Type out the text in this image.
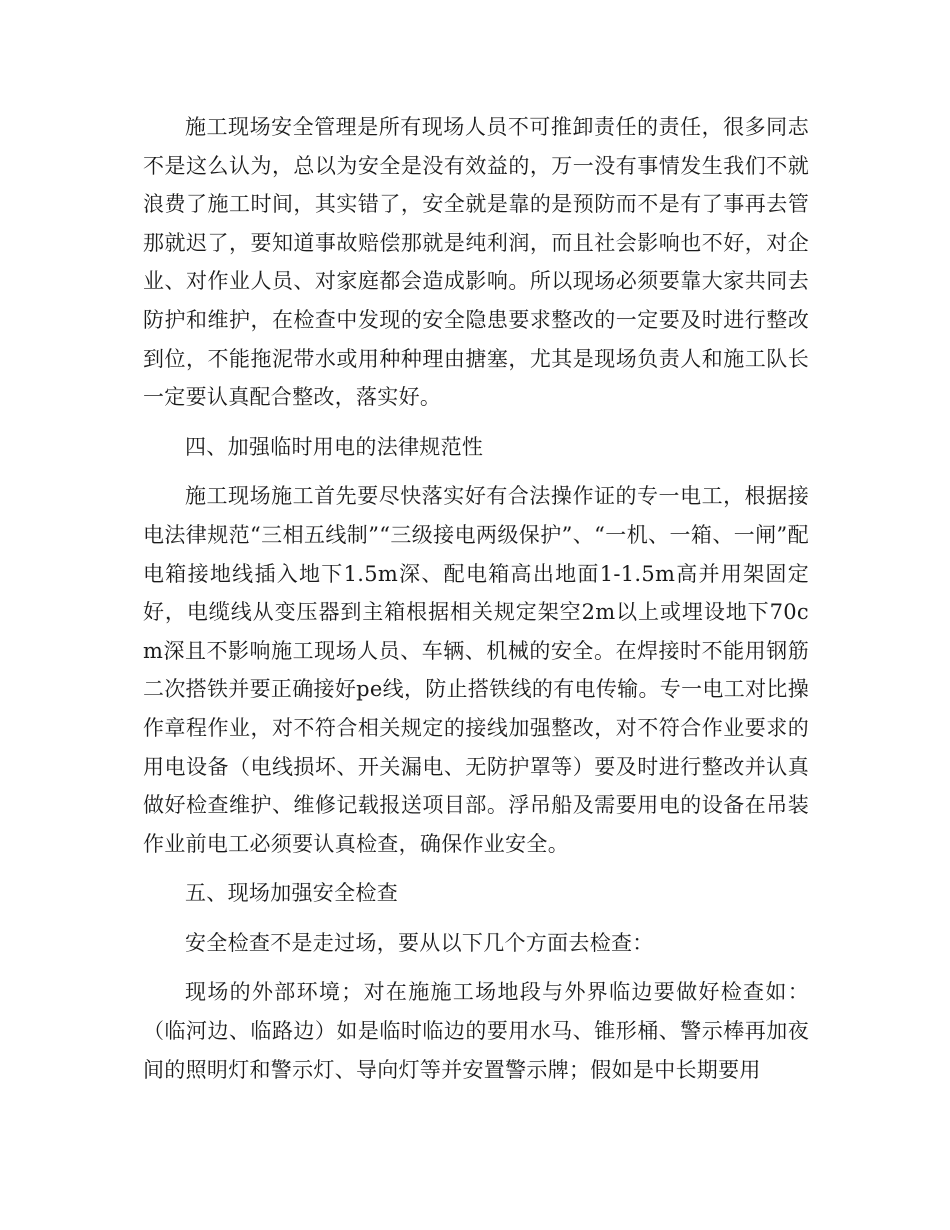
施工现场安全管理是所有现场人员不可推卸责任的责任，很多同志不是这么认为，总以为安全是没有效益的，万一没有事情发生我们不就浪费了施工时间，其实错了，安全就是靠的是预防而不是有了事再去管那就迟了，要知道事故赔偿那就是纯利润，而且社会影响也不好，对企业、对作业人员、对家庭都会造成影响。所以现场必须要靠大家共同去防护和维护，在检查中发现的安全隐患要求整改的一定要及时进行整改到位，不能拖泥带水或用种种理由搪塞，尤其是现场负责人和施工队长一定要认真配合整改，落实好。

四、加强临时用电的法律规范性

施工现场施工首先要尽快落实好有合法操作证的专一电工，根据接电法律规范“三相五线制”“三级接电两级保护”、“一机、一箱、一闸”配电箱接地线插入地下1.5m深、配电箱高出地面1-1.5m高并用架固定好，电缆线从变压器到主箱根据相关规定架空2m以上或埋设地下70cm深且不影响施工现场人员、车辆、机械的安全。在焊接时不能用钢筋二次搭铁并要正确接好pe线，防止搭铁线的有电传输。专一电工对比操作章程作业，对不符合相关规定的接线加强整改，对不符合作业要求的用电设备（电线损坏、开关漏电、无防护罩等）要及时进行整改并认真做好检查维护、维修记载报送项目部。浮吊船及需要用电的设备在吊装作业前电工必须要认真检查，确保作业安全。

五、现场加强安全检查

安全检查不是走过场，要从以下几个方面去检查：

现场的外部环境；对在施施工场地段与外界临边要做好检查如：（临河边、临路边）如是临时临边的要用水马、锥形桶、警示棒再加夜间的照明灯和警示灯、导向灯等并安置警示牌；假如是中长期要用
